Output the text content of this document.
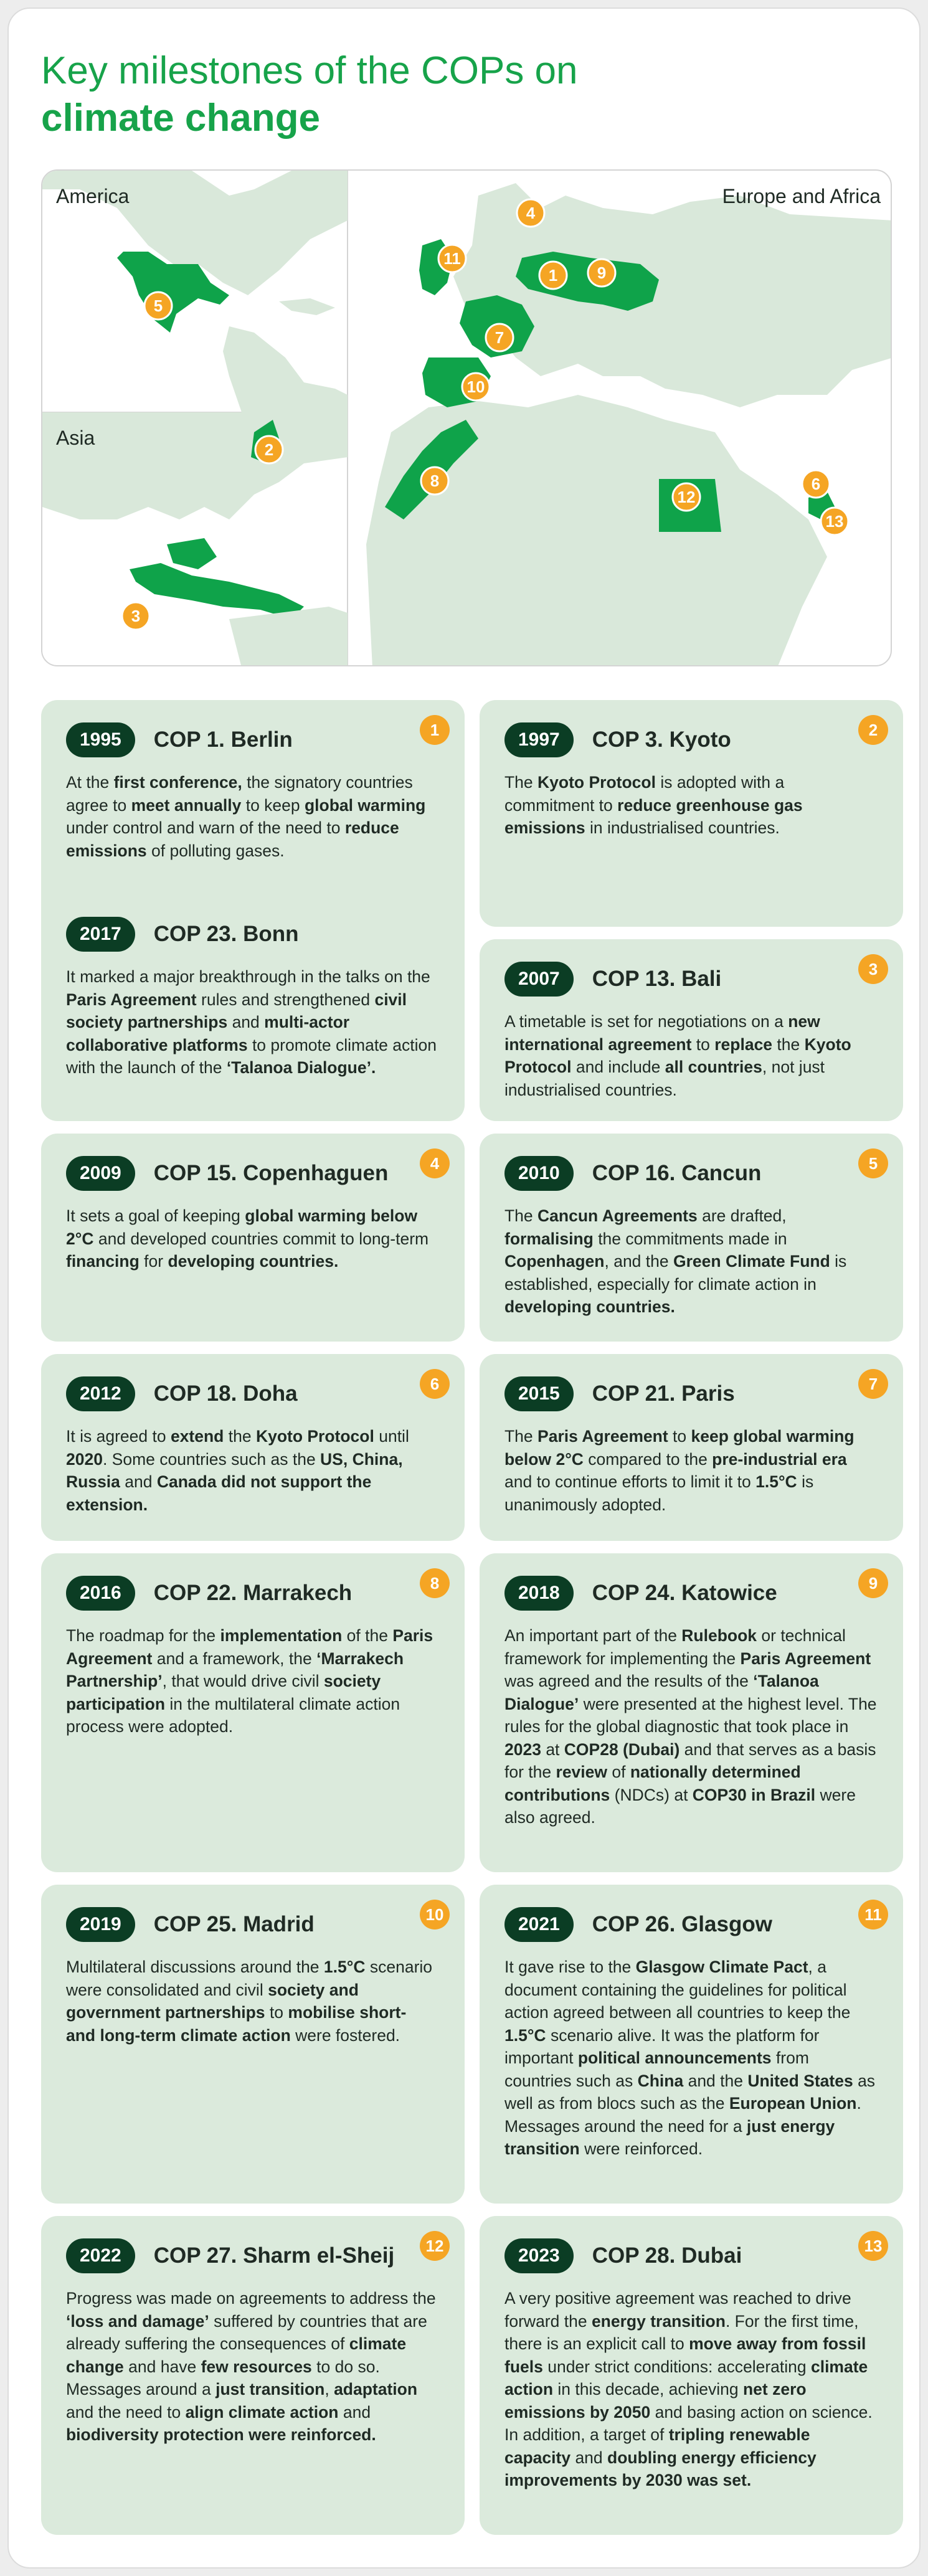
Key milestones of the COPs on
climate change
America
Asia
Europe and Africa
1
2
3
4
5
6
7
8
9
10
11
12
13
1995	COP 1. Berlin	1
At the first conference, the signatory countries agree to meet annually to keep global warming under control and warn of the need to reduce emissions of polluting gases.
2017	COP 23. Bonn
It marked a major breakthrough in the talks on the Paris Agreement rules and strengthened civil society partnerships and multi-actor collaborative platforms to promote climate action with the launch of the ‘Talanoa Dialogue’.
1997	COP 3. Kyoto	2
The Kyoto Protocol is adopted with a commitment to reduce greenhouse gas emissions in industrialised countries.
2007	COP 13. Bali	3
A timetable is set for negotiations on a new international agreement to replace the Kyoto Protocol and include all countries, not just industrialised countries.
2009	COP 15. Copenhaguen	4
It sets a goal of keeping global warming below 2°C and developed countries commit to long-term financing for developing countries.
2010	COP 16. Cancun	5
The Cancun Agreements are drafted, formalising the commitments made in Copenhagen, and the Green Climate Fund is established, especially for climate action in developing countries.
2012	COP 18. Doha	6
It is agreed to extend the Kyoto Protocol until 2020. Some countries such as the US, China, Russia and Canada did not support the extension.
2015	COP 21. Paris	7
The Paris Agreement to keep global warming below 2°C compared to the pre-industrial era and to continue efforts to limit it to 1.5°C is unanimously adopted.
2016	COP 22. Marrakech	8
The roadmap for the implementation of the Paris Agreement and a framework, the ‘Marrakech Partnership’, that would drive civil society participation in the multilateral climate action process were adopted.
2018	COP 24. Katowice	9
An important part of the Rulebook or technical framework for implementing the Paris Agreement was agreed and the results of the ‘Talanoa Dialogue’ were presented at the highest level. The rules for the global diagnostic that took place in 2023 at COP28 (Dubai) and that serves as a basis for the review of nationally determined contributions (NDCs) at COP30 in Brazil were also agreed.
2019	COP 25. Madrid	10
Multilateral discussions around the 1.5°C scenario were consolidated and civil society and government partnerships to mobilise short- and long-term climate action were fostered.
2021	COP 26. Glasgow	11
It gave rise to the Glasgow Climate Pact, a document containing the guidelines for political action agreed between all countries to keep the 1.5°C scenario alive. It was the platform for important political announcements from countries such as China and the United States as well as from blocs such as the European Union. Messages around the need for a just energy transition were reinforced.
2022	COP 27. Sharm el-Sheij	12
Progress was made on agreements to address the ‘loss and damage’ suffered by countries that are already suffering the consequences of climate change and have few resources to do so. Messages around a just transition, adaptation and the need to align climate action and biodiversity protection were reinforced.
2023	COP 28. Dubai	13
A very positive agreement was reached to drive forward the energy transition. For the first time, there is an explicit call to move away from fossil fuels under strict conditions: accelerating climate action in this decade, achieving net zero emissions by 2050 and basing action on science. In addition, a target of tripling renewable capacity and doubling energy efficiency improvements by 2030 was set.
